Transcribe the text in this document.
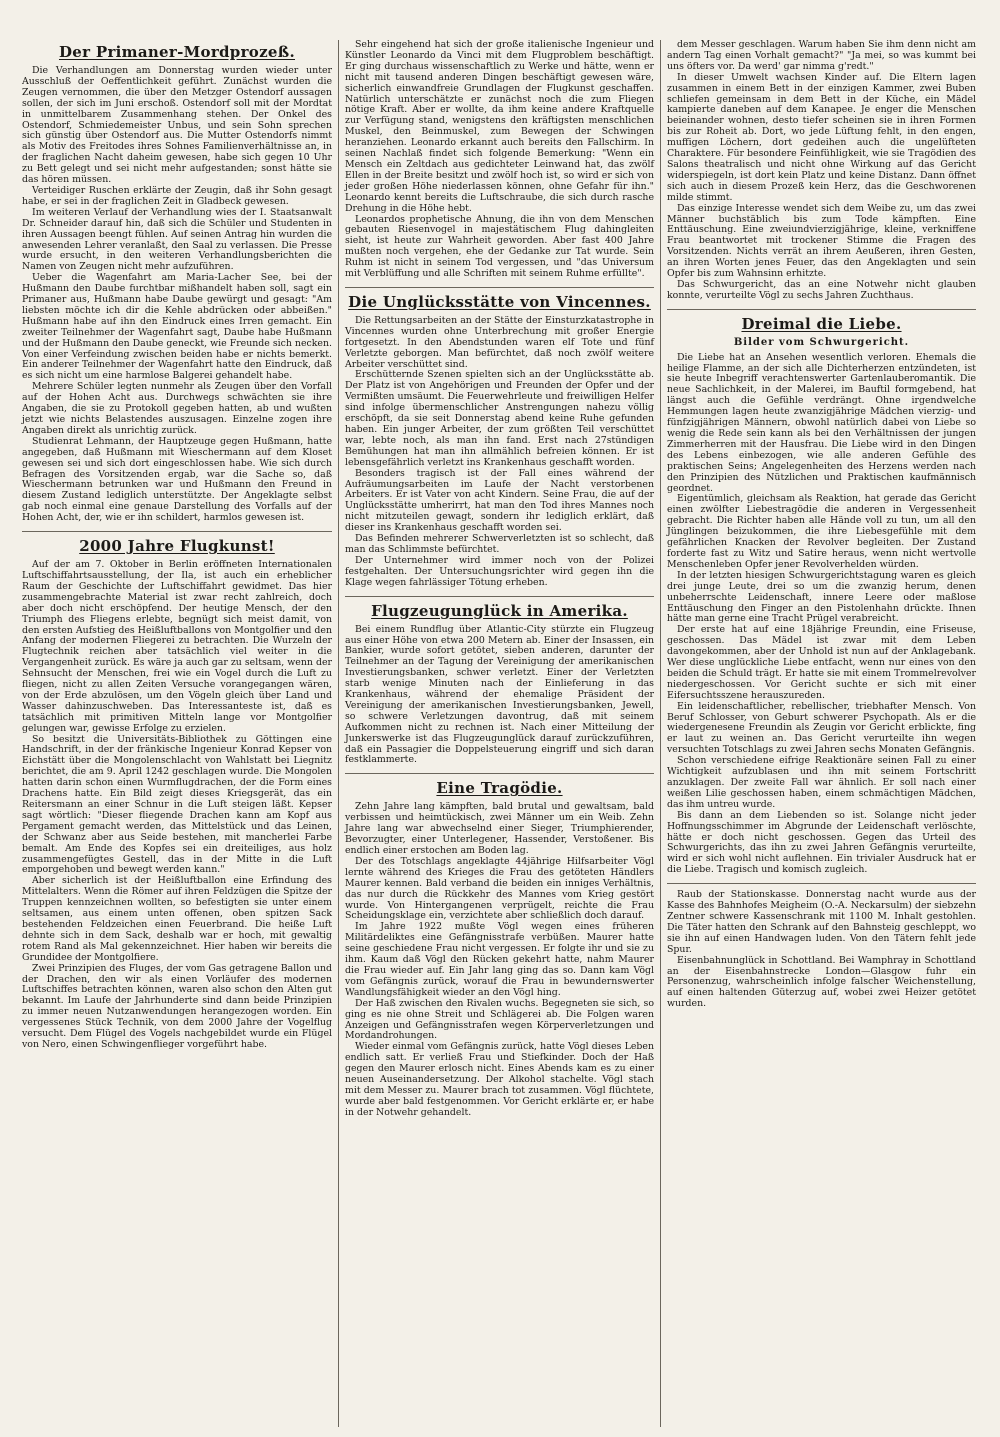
Der Primaner-Mordprozeß.

Die Verhandlungen am Donnerstag wurden wieder unter Ausschluß der Oeffentlichkeit geführt. Zunächst wurden die Zeugen vernommen, die über den Metzger Ostendorf aussagen sollen, der sich im Juni erschoß. Ostendorf soll mit der Mordtat in unmittelbarem Zusammenhang stehen. Der Onkel des Ostendorf, Schmiedemeister Unbus, und sein Sohn sprechen sich günstig über Ostendorf aus. Die Mutter Ostendorfs nimmt als Motiv des Freitodes ihres Sohnes Familienverhältnisse an, in der fraglichen Nacht daheim gewesen, habe sich gegen 10 Uhr zu Bett gelegt und sei nicht mehr aufgestanden; sonst hätte sie das hören müssen.

Verteidiger Ruschen erklärte der Zeugin, daß ihr Sohn gesagt habe, er sei in der fraglichen Zeit in Gladbeck gewesen.

Im weiteren Verlauf der Verhandlung wies der I. Staatsanwalt Dr. Schneider darauf hin, daß sich die Schüler und Studenten in ihren Aussagen beengt fühlen. Auf seinen Antrag hin wurden die anwesenden Lehrer veranlaßt, den Saal zu verlassen. Die Presse wurde ersucht, in den weiteren Verhandlungsberichten die Namen von Zeugen nicht mehr aufzuführen.

Ueber die Wagenfahrt am Maria-Lacher See, bei der Hußmann den Daube furchtbar mißhandelt haben soll, sagt ein Primaner aus, Hußmann habe Daube gewürgt und gesagt: "Am liebsten möchte ich dir die Kehle abdrücken oder abbeißen." Hußmann habe auf ihn den Eindruck eines Irren gemacht. Ein zweiter Teilnehmer der Wagenfahrt sagt, Daube habe Hußmann und der Hußmann den Daube geneckt, wie Freunde sich necken. Von einer Verfeindung zwischen beiden habe er nichts bemerkt. Ein anderer Teilnehmer der Wagenfahrt hatte den Eindruck, daß es sich nicht um eine harmlose Balgerei gehandelt habe.

Mehrere Schüler legten nunmehr als Zeugen über den Vorfall auf der Hohen Acht aus. Durchwegs schwächten sie ihre Angaben, die sie zu Protokoll gegeben hatten, ab und wußten jetzt wie nichts Belastendes auszusagen. Einzelne zogen ihre Angaben direkt als unrichtig zurück.

Studienrat Lehmann, der Hauptzeuge gegen Hußmann, hatte angegeben, daß Hußmann mit Wieschermann auf dem Kloset gewesen sei und sich dort eingeschlossen habe. Wie sich durch Befragen des Vorsitzenden ergab, war die Sache so, daß Wieschermann betrunken war und Hußmann den Freund in diesem Zustand lediglich unterstützte. Der Angeklagte selbst gab noch einmal eine genaue Darstellung des Vorfalls auf der Hohen Acht, der, wie er ihn schildert, harmlos gewesen ist.

2000 Jahre Flugkunst!

Auf der am 7. Oktober in Berlin eröffneten Internationalen Luftschiffahrtsausstellung, der Ila, ist auch ein erheblicher Raum der Geschichte der Luftschiffahrt gewidmet. Das hier zusammengebrachte Material ist zwar recht zahlreich, doch aber doch nicht erschöpfend. Der heutige Mensch, der den Triumph des Fliegens erlebte, begnügt sich meist damit, von den ersten Aufstieg des Heißluftballons von Montgolfier und den Anfang der modernen Fliegerei zu betrachten. Die Wurzeln der Flugtechnik reichen aber tatsächlich viel weiter in die Vergangenheit zurück. Es wäre ja auch gar zu seltsam, wenn der Sehnsucht der Menschen, frei wie ein Vogel durch die Luft zu fliegen, nicht zu allen Zeiten Versuche vorangegangen wären, von der Erde abzulösen, um den Vögeln gleich über Land und Wasser dahinzuschweben. Das Interessanteste ist, daß es tatsächlich mit primitiven Mitteln lange vor Montgolfier gelungen war, gewisse Erfolge zu erzielen.

So besitzt die Universitäts-Bibliothek zu Göttingen eine Handschrift, in der der fränkische Ingenieur Konrad Kepser von Eichstätt über die Mongolenschlacht von Wahlstatt bei Liegnitz berichtet, die am 9. April 1242 geschlagen wurde. Die Mongolen hatten darin schon einen Wurmflugdrachen, der die Form eines Drachens hatte. Ein Bild zeigt dieses Kriegsgerät, das ein Reitersmann an einer Schnur in die Luft steigen läßt. Kepser sagt wörtlich: "Dieser fliegende Drachen kann am Kopf aus Pergament gemacht werden, das Mittelstück und das Leinen, der Schwanz aber aus Seide bestehen, mit mancherlei Farbe bemalt. Am Ende des Kopfes sei ein dreiteiliges, aus holz zusammengefügtes Gestell, das in der Mitte in die Luft emporgehoben und bewegt werden kann."

Aber sicherlich ist der Heißluftballon eine Erfindung des Mittelalters. Wenn die Römer auf ihren Feldzügen die Spitze der Truppen kennzeichnen wollten, so befestigten sie unter einem seltsamen, aus einem unten offenen, oben spitzen Sack bestehenden Feldzeichen einen Feuerbrand. Die heiße Luft dehnte sich in dem Sack, deshalb war er hoch, mit gewaltig rotem Rand als Mal gekennzeichnet. Hier haben wir bereits die Grundidee der Montgolfiere.

Zwei Prinzipien des Fluges, der vom Gas getragene Ballon und der Drachen, den wir als einen Vorläufer des modernen Luftschiffes betrachten können, waren also schon den Alten gut bekannt. Im Laufe der Jahrhunderte sind dann beide Prinzipien zu immer neuen Nutzanwendungen herangezogen worden. Ein vergessenes Stück Technik, von dem 2000 Jahre der Vogelflug versucht. Dem Flügel des Vogels nachgebildet wurde ein Flügel von Nero, einen Schwingenflieger vorgeführt habe.

Sehr eingehend hat sich der große italienische Ingenieur und Künstler Leonardo da Vinci mit dem Flugproblem beschäftigt. Er ging durchaus wissenschaftlich zu Werke und hätte, wenn er nicht mit tausend anderen Dingen beschäftigt gewesen wäre, sicherlich einwandfreie Grundlagen der Flugkunst geschaffen. Natürlich unterschätzte er zunächst noch die zum Fliegen nötige Kraft. Aber er wollte, da ihm keine andere Kraftquelle zur Verfügung stand, wenigstens den kräftigsten menschlichen Muskel, den Beinmuskel, zum Bewegen der Schwingen heranziehen. Leonardo erkannt auch bereits den Fallschirm. In seinen Nachlaß findet sich folgende Bemerkung: "Wenn ein Mensch ein Zeltdach aus gedichteter Leinwand hat, das zwölf Ellen in der Breite besitzt und zwölf hoch ist, so wird er sich von jeder großen Höhe niederlassen können, ohne Gefahr für ihn." Leonardo kennt bereits die Luftschraube, die sich durch rasche Drehung in die Höhe hebt.

Leonardos prophetische Ahnung, die ihn von dem Menschen gebauten Riesenvogel in majestätischem Flug dahingleiten sieht, ist heute zur Wahrheit geworden. Aber fast 400 Jahre mußten noch vergehen, ehe der Gedanke zur Tat wurde. Sein Ruhm ist nicht in seinem Tod vergessen, und "das Universum mit Verblüffung und alle Schriften mit seinem Ruhme erfüllte".

Die Unglücksstätte von Vincennes.

Die Rettungsarbeiten an der Stätte der Einsturzkatastrophe in Vincennes wurden ohne Unterbrechung mit großer Energie fortgesetzt. In den Abendstunden waren elf Tote und fünf Verletzte geborgen. Man befürchtet, daß noch zwölf weitere Arbeiter verschüttet sind.

Erschütternde Szenen spielten sich an der Unglücksstätte ab. Der Platz ist von Angehörigen und Freunden der Opfer und der Vermißten umsäumt. Die Feuerwehrleute und freiwilligen Helfer sind infolge übermenschlicher Anstrengungen nahezu völlig erschöpft, da sie seit Donnerstag abend keine Ruhe gefunden haben. Ein junger Arbeiter, der zum größten Teil verschüttet war, lebte noch, als man ihn fand. Erst nach 27stündigen Bemühungen hat man ihn allmählich befreien können. Er ist lebensgefährlich verletzt ins Krankenhaus geschafft worden.

Besonders tragisch ist der Fall eines während der Aufräumungsarbeiten im Laufe der Nacht verstorbenen Arbeiters. Er ist Vater von acht Kindern. Seine Frau, die auf der Unglücksstätte umherirrt, hat man den Tod ihres Mannes noch nicht mitzuteilen gewagt, sondern ihr lediglich erklärt, daß dieser ins Krankenhaus geschafft worden sei.

Das Befinden mehrerer Schwerverletzten ist so schlecht, daß man das Schlimmste befürchtet.

Der Unternehmer wird immer noch von der Polizei festgehalten. Der Untersuchungsrichter wird gegen ihn die Klage wegen fahrlässiger Tötung erheben.

Flugzeugunglück in Amerika.

Bei einem Rundflug über Atlantic-City stürzte ein Flugzeug aus einer Höhe von etwa 200 Metern ab. Einer der Insassen, ein Bankier, wurde sofort getötet, sieben anderen, darunter der Teilnehmer an der Tagung der Vereinigung der amerikanischen Investierungsbanken, schwer verletzt. Einer der Verletzten starb wenige Minuten nach der Einlieferung in das Krankenhaus, während der ehemalige Präsident der Vereinigung der amerikanischen Investierungsbanken, Jewell, so schwere Verletzungen davontrug, daß mit seinem Aufkommen nicht zu rechnen ist. Nach einer Mitteilung der Junkerswerke ist das Flugzeugunglück darauf zurückzuführen, daß ein Passagier die Doppelsteuerung eingriff und sich daran festklammerte.

Eine Tragödie.

Zehn Jahre lang kämpften, bald brutal und gewaltsam, bald verbissen und heimtückisch, zwei Männer um ein Weib. Zehn Jahre lang war abwechselnd einer Sieger, Triumphierender, Bevorzugter, einer Unterlegener, Hassender, Verstoßener. Bis endlich einer erstochen am Boden lag.

Der des Totschlags angeklagte 44jährige Hilfsarbeiter Vögl lernte während des Krieges die Frau des getöteten Händlers Maurer kennen. Bald verband die beiden ein inniges Verhältnis, das nur durch die Rückkehr des Mannes vom Krieg gestört wurde. Von Hintergangenen verprügelt, reichte die Frau Scheidungsklage ein, verzichtete aber schließlich doch darauf.

Im Jahre 1922 mußte Vögl wegen eines früheren Militärdeliktes eine Gefängnisstrafe verbüßen. Maurer hatte seine geschiedene Frau nicht vergessen. Er folgte ihr und sie zu ihm. Kaum daß Vögl den Rücken gekehrt hatte, nahm Maurer die Frau wieder auf. Ein Jahr lang ging das so. Dann kam Vögl vom Gefängnis zurück, worauf die Frau in bewundernswerter Wandlungsfähigkeit wieder an den Vögl hing.

Der Haß zwischen den Rivalen wuchs. Begegneten sie sich, so ging es nie ohne Streit und Schlägerei ab. Die Folgen waren Anzeigen und Gefängnisstrafen wegen Körperverletzungen und Mordandrohungen.

Wieder einmal vom Gefängnis zurück, hatte Vögl dieses Leben endlich satt. Er verließ Frau und Stiefkinder. Doch der Haß gegen den Maurer erlosch nicht. Eines Abends kam es zu einer neuen Auseinandersetzung. Der Alkohol stachelte. Vögl stach mit dem Messer zu. Maurer brach tot zusammen. Vögl flüchtete, wurde aber bald festgenommen. Vor Gericht erklärte er, er habe in der Notwehr gehandelt.

dem Messer geschlagen. Warum haben Sie ihm denn nicht am andern Tag einen Vorhalt gemacht?" "Ja mei, so was kummt bei uns öfters vor. Da werd' gar nimma g'redt."

In dieser Umwelt wachsen Kinder auf. Die Eltern lagen zusammen in einem Bett in der einzigen Kammer, zwei Buben schliefen gemeinsam in dem Bett in der Küche, ein Mädel kampierte daneben auf dem Kanapee. Je enger die Menschen beieinander wohnen, desto tiefer scheinen sie in ihren Formen bis zur Roheit ab. Dort, wo jede Lüftung fehlt, in den engen, muffigen Löchern, dort gedeihen auch die ungelüfteten Charaktere. Für besondere Feinfühligkeit, wie sie Tragödien des Salons theatralisch und nicht ohne Wirkung auf das Gericht widerspiegeln, ist dort kein Platz und keine Distanz. Dann öffnet sich auch in diesem Prozeß kein Herz, das die Geschworenen milde stimmt.

Das einzige Interesse wendet sich dem Weibe zu, um das zwei Männer buchstäblich bis zum Tode kämpften. Eine Enttäuschung. Eine zweiundvierzigjährige, kleine, verkniffene Frau beantwortet mit trockener Stimme die Fragen des Vorsitzenden. Nichts verrät an ihrem Aeußeren, ihren Gesten, an ihren Worten jenes Feuer, das den Angeklagten und sein Opfer bis zum Wahnsinn erhitzte.

Das Schwurgericht, das an eine Notwehr nicht glauben konnte, verurteilte Vögl zu sechs Jahren Zuchthaus.

Dreimal die Liebe.
Bilder vom Schwurgericht.

Die Liebe hat an Ansehen wesentlich verloren. Ehemals die heilige Flamme, an der sich alle Dichterherzen entzündeten, ist sie heute Inbegriff verachtenswerter Gartenlauberomantik. Die neue Sachlichkeit, in der Malerei, im Bauftil formgebend, hat längst auch die Gefühle verdrängt. Ohne irgendwelche Hemmungen lagen heute zwanzigjährige Mädchen vierzig- und fünfzigjährigen Männern, obwohl natürlich dabei von Liebe so wenig die Rede sein kann als bei den Verhältnissen der jungen Zimmerherren mit der Hausfrau. Die Liebe wird in den Dingen des Lebens einbezogen, wie alle anderen Gefühle des praktischen Seins; Angelegenheiten des Herzens werden nach den Prinzipien des Nützlichen und Praktischen kaufmännisch geordnet.

Eigentümlich, gleichsam als Reaktion, hat gerade das Gericht einen zwölfter Liebestragödie die anderen in Vergessenheit gebracht. Die Richter haben alle Hände voll zu tun, um all den Jünglingen beizukommen, die ihre Liebesgefühle mit dem gefährlichen Knacken der Revolver begleiten. Der Zustand forderte fast zu Witz und Satire heraus, wenn nicht wertvolle Menschenleben Opfer jener Revolverhelden würden.

In der letzten hiesigen Schwurgerichtstagung waren es gleich drei junge Leute, drei so um die zwanzig herum, denen unbeherrschte Leidenschaft, innere Leere oder maßlose Enttäuschung den Finger an den Pistolenhahn drückte. Ihnen hätte man gerne eine Tracht Prügel verabreicht.

Der erste hat auf eine 18jährige Freundin, eine Friseuse, geschossen. Das Mädel ist zwar mit dem Leben davongekommen, aber der Unhold ist nun auf der Anklagebank. Wer diese unglückliche Liebe entfacht, wenn nur eines von den beiden die Schuld trägt. Er hatte sie mit einem Trommelrevolver niedergeschossen. Vor Gericht suchte er sich mit einer Eifersuchtsszene herauszureden.

Ein leidenschaftlicher, rebellischer, triebhafter Mensch. Von Beruf Schlosser, von Geburt schwerer Psychopath. Als er die wiedergenesene Freundin als Zeugin vor Gericht erblickte, fing er laut zu weinen an. Das Gericht verurteilte ihn wegen versuchten Totschlags zu zwei Jahren sechs Monaten Gefängnis.

Schon verschiedene eifrige Reaktionäre seinen Fall zu einer Wichtigkeit aufzublasen und ihn mit seinem Fortschritt anzuklagen. Der zweite Fall war ähnlich. Er soll nach einer weißen Lilie geschossen haben, einem schmächtigen Mädchen, das ihm untreu wurde.

Bis dann an dem Liebenden so ist. Solange nicht jeder Hoffnungsschimmer im Abgrunde der Leidenschaft verlöschte, hätte er doch nicht geschossen. Gegen das Urteil des Schwurgerichts, das ihn zu zwei Jahren Gefängnis verurteilte, wird er sich wohl nicht auflehnen. Ein trivialer Ausdruck hat er die Liebe. Tragisch und komisch zugleich.

Raub der Stationskasse. Donnerstag nacht wurde aus der Kasse des Bahnhofes Meigheim (O.-A. Neckarsulm) der siebzehn Zentner schwere Kassenschrank mit 1100 M. Inhalt gestohlen. Die Täter hatten den Schrank auf den Bahnsteig geschleppt, wo sie ihn auf einen Handwagen luden. Von den Tätern fehlt jede Spur.

Eisenbahnunglück in Schottland. Bei Wamphray in Schottland an der Eisenbahnstrecke London—Glasgow fuhr ein Personenzug, wahrscheinlich infolge falscher Weichenstellung, auf einen haltenden Güterzug auf, wobei zwei Heizer getötet wurden.
